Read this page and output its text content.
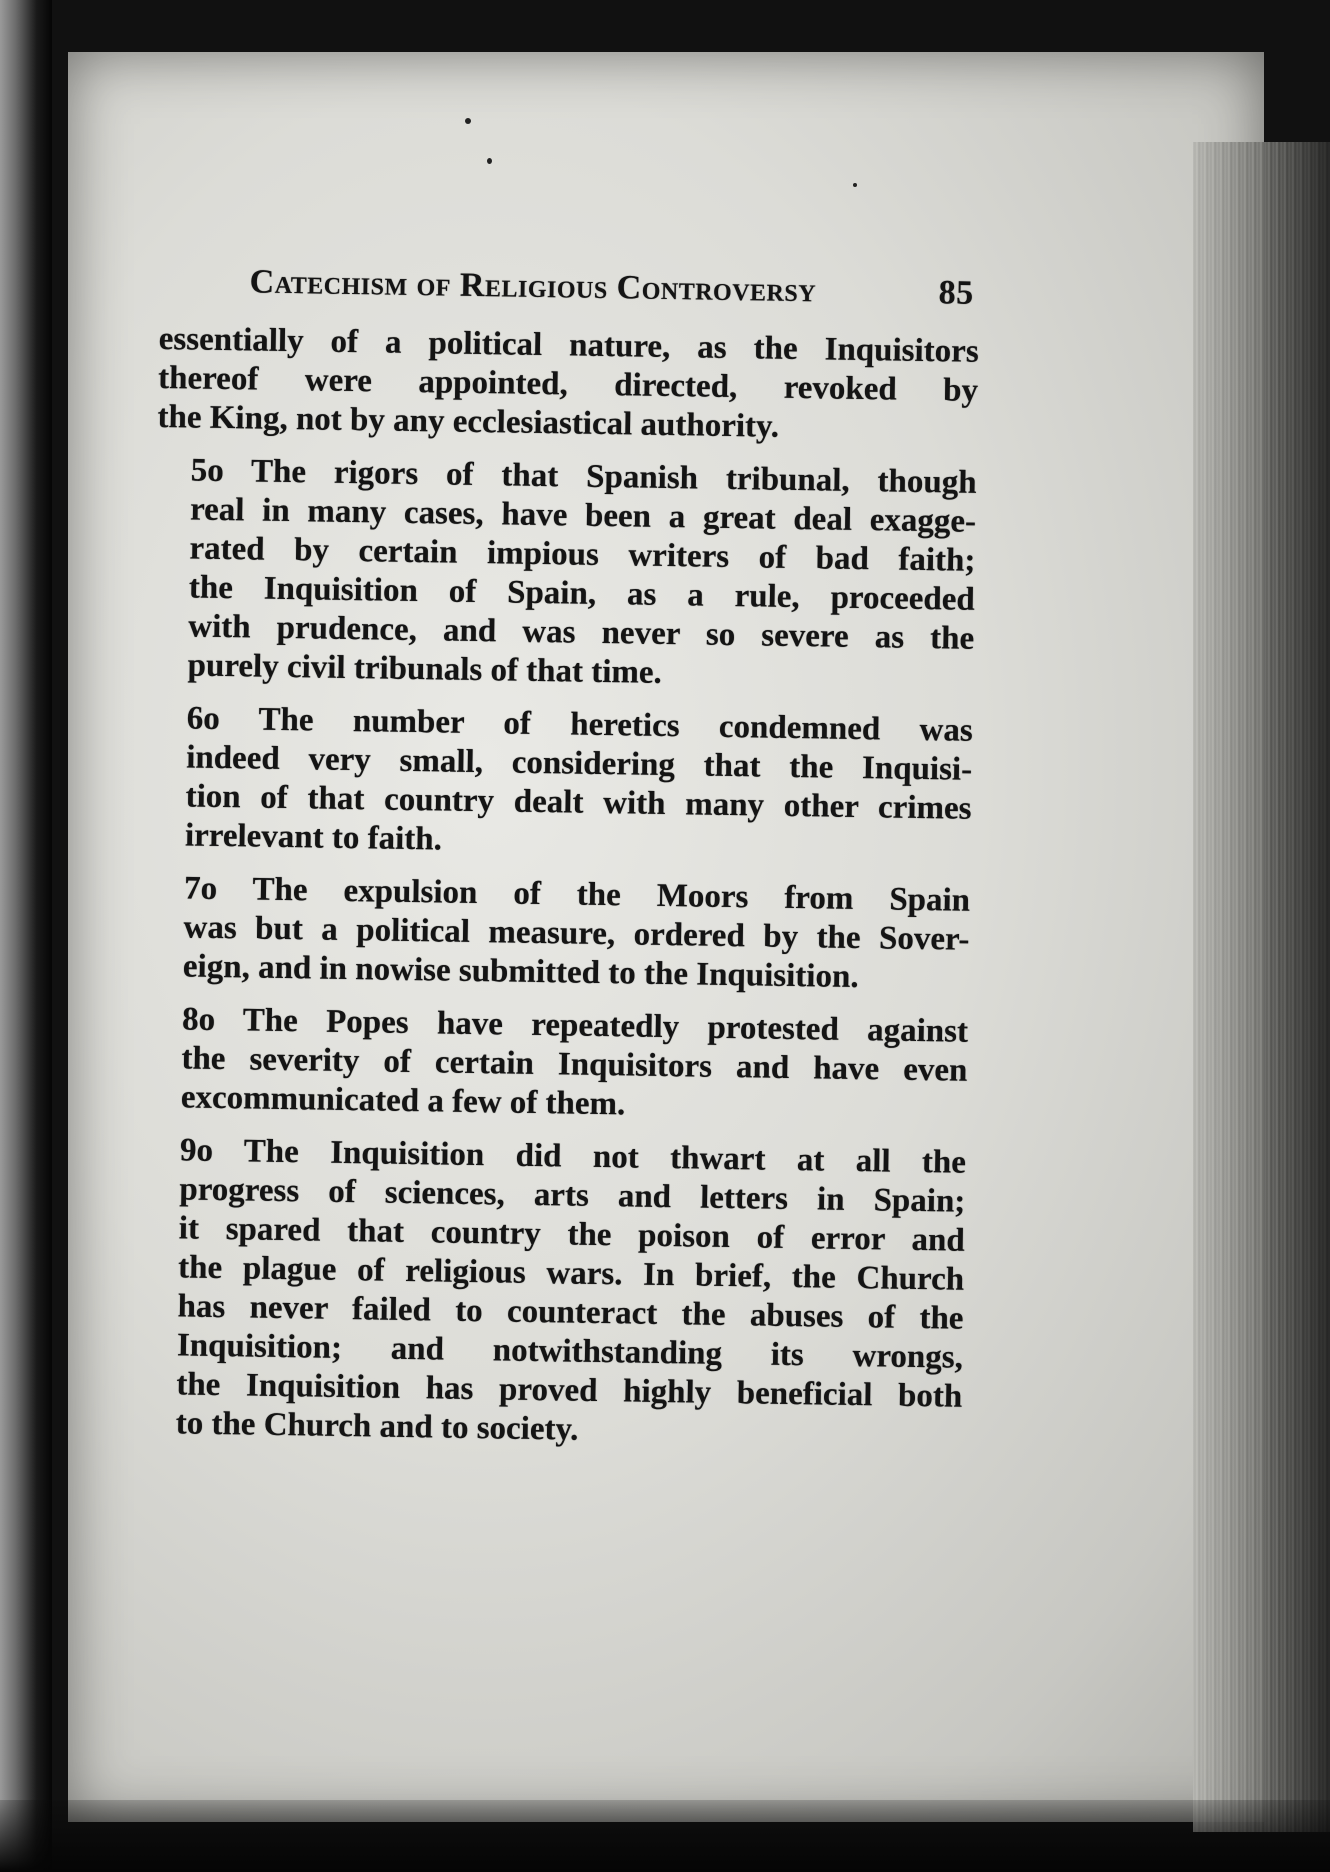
Catechism of Religious Controversy	85

essentially of a political nature, as the Inquisitors
thereof were appointed, directed, revoked by
the King, not by any ecclesiastical authority.

5o The rigors of that Spanish tribunal, though
real in many cases, have been a great deal exagge-
rated by certain impious writers of bad faith;
the Inquisition of Spain, as a rule, proceeded
with prudence, and was never so severe as the
purely civil tribunals of that time.

6o The number of heretics condemned was
indeed very small, considering that the Inquisi-
tion of that country dealt with many other crimes
irrelevant to faith.

7o The expulsion of the Moors from Spain
was but a political measure, ordered by the Sover-
eign, and in nowise submitted to the Inquisition.

8o The Popes have repeatedly protested against
the severity of certain Inquisitors and have even
excommunicated a few of them.

9o The Inquisition did not thwart at all the
progress of sciences, arts and letters in Spain;
it spared that country the poison of error and
the plague of religious wars. In brief, the Church
has never failed to counteract the abuses of the
Inquisition; and notwithstanding its wrongs,
the Inquisition has proved highly beneficial both
to the Church and to society.
